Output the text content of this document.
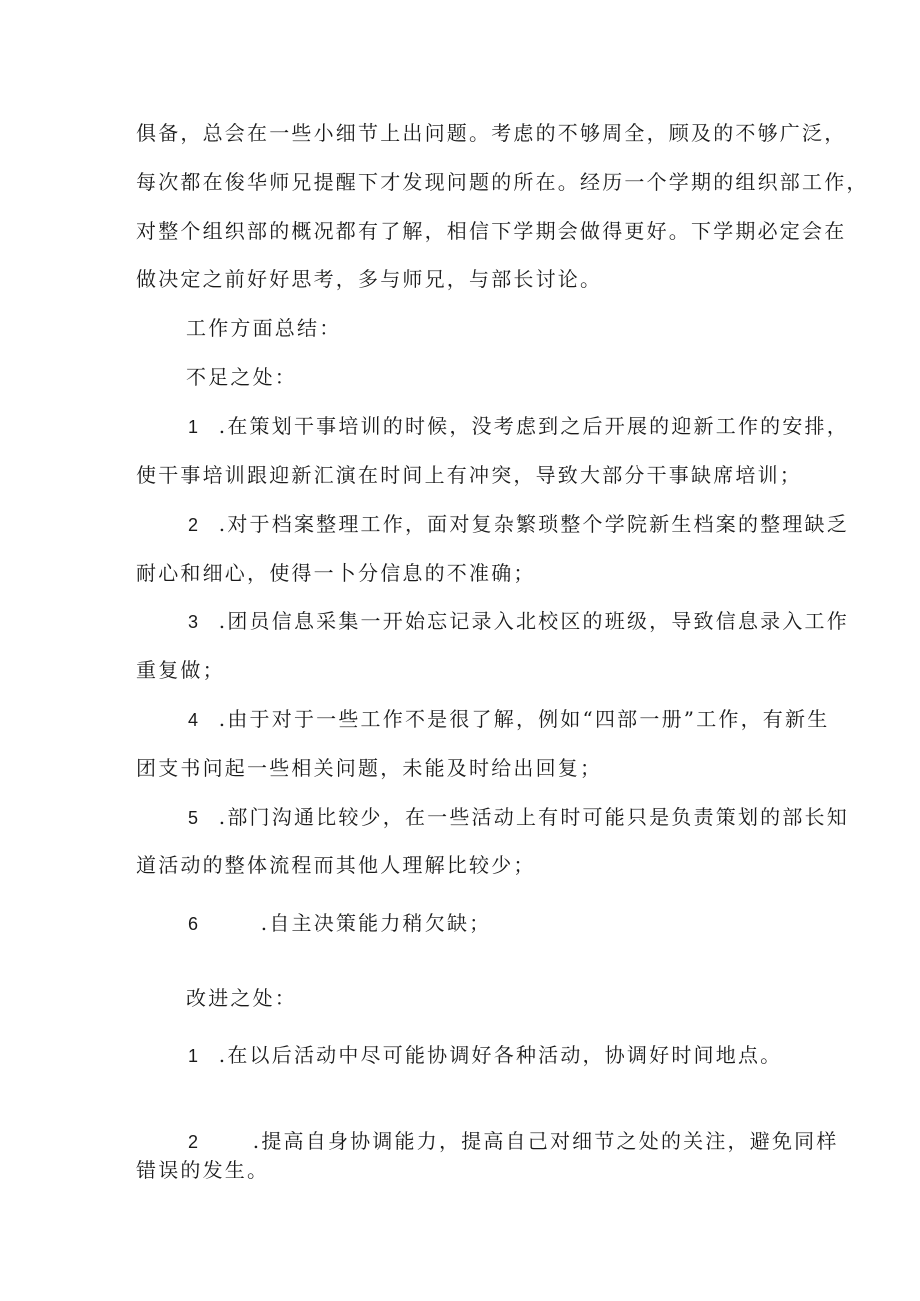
俱备，总会在一些小细节上出问题。考虑的不够周全，顾及的不够广泛，
每次都在俊华师兄提醒下才发现问题的所在。经历一个学期的组织部工作，
对整个组织部的概况都有了解，相信下学期会做得更好。下学期必定会在
做决定之前好好思考，多与师兄，与部长讨论。
工作方面总结：
不足之处：
1 .在策划干事培训的时候，没考虑到之后开展的迎新工作的安排，
使干事培训跟迎新汇演在时间上有冲突，导致大部分干事缺席培训；
2 .对于档案整理工作，面对复杂繁琐整个学院新生档案的整理缺乏
耐心和细心，使得一卜分信息的不准确；
3 .团员信息采集一开始忘记录入北校区的班级，导致信息录入工作
重复做；
4 .由于对于一些工作不是很了解，例如“四部一册”工作，有新生
团支书问起一些相关问题，未能及时给出回复；
5 .部门沟通比较少，在一些活动上有时可能只是负责策划的部长知
道活动的整体流程而其他人理解比较少；
6	.自主决策能力稍欠缺；
改进之处：
1 .在以后活动中尽可能协调好各种活动，协调好时间地点。
2	.提高自身协调能力，提高自己对细节之处的关注，避免同样
错误的发生。
